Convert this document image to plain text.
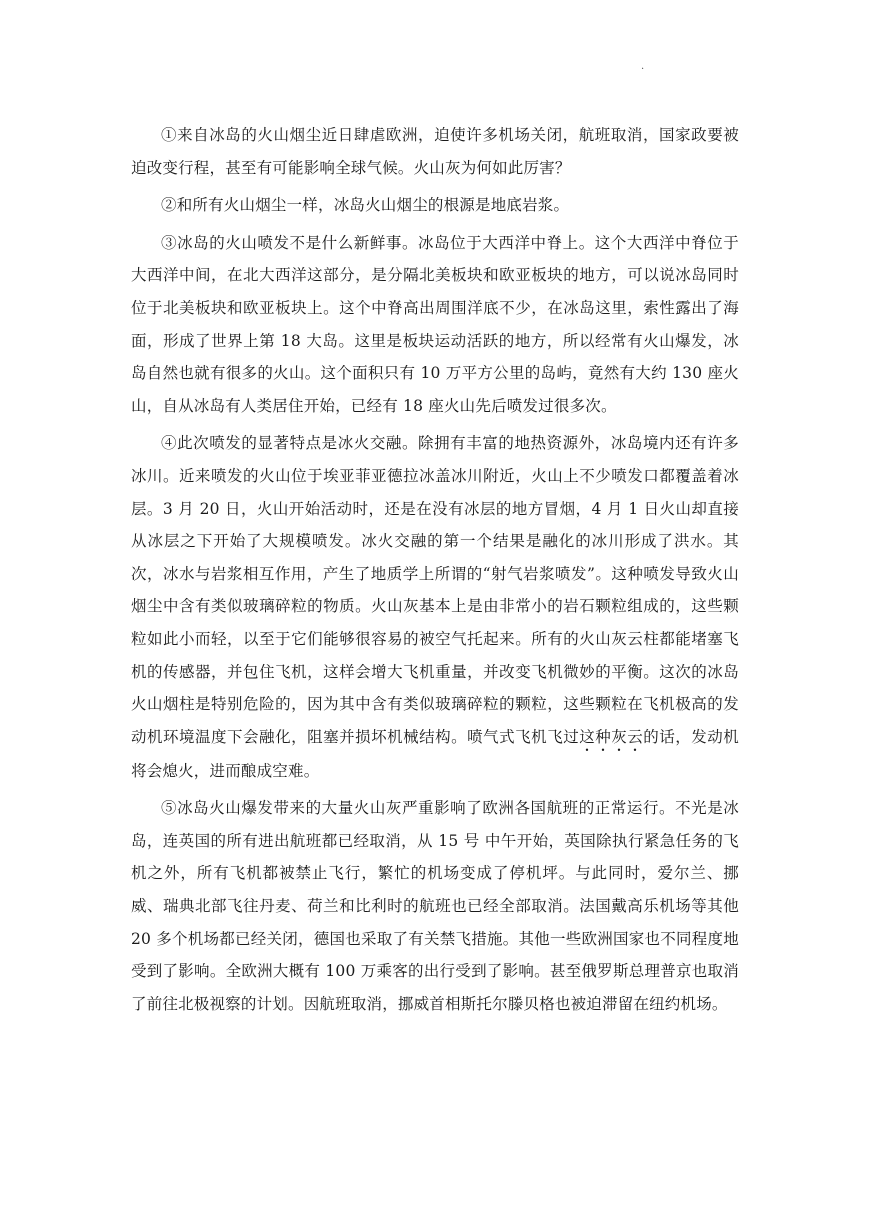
.

①来自冰岛的火山烟尘近日肆虐欧洲，迫使许多机场关闭，航班取消，国家政要被迫改变行程，甚至有可能影响全球气候。火山灰为何如此厉害？

②和所有火山烟尘一样，冰岛火山烟尘的根源是地底岩浆。

③冰岛的火山喷发不是什么新鲜事。冰岛位于大西洋中脊上。这个大西洋中脊位于大西洋中间，在北大西洋这部分，是分隔北美板块和欧亚板块的地方，可以说冰岛同时位于北美板块和欧亚板块上。这个中脊高出周围洋底不少，在冰岛这里，索性露出了海面，形成了世界上第 18 大岛。这里是板块运动活跃的地方，所以经常有火山爆发，冰岛自然也就有很多的火山。这个面积只有 10 万平方公里的岛屿，竟然有大约 130 座火山，自从冰岛有人类居住开始，已经有 18 座火山先后喷发过很多次。

④此次喷发的显著特点是冰火交融。除拥有丰富的地热资源外，冰岛境内还有许多冰川。近来喷发的火山位于埃亚菲亚德拉冰盖冰川附近，火山上不少喷发口都覆盖着冰层。3 月 20 日，火山开始活动时，还是在没有冰层的地方冒烟，4 月 1 日火山却直接从冰层之下开始了大规模喷发。冰火交融的第一个结果是融化的冰川形成了洪水。其次，冰水与岩浆相互作用，产生了地质学上所谓的“射气岩浆喷发”。这种喷发导致火山烟尘中含有类似玻璃碎粒的物质。火山灰基本上是由非常小的岩石颗粒组成的，这些颗粒如此小而轻，以至于它们能够很容易的被空气托起来。所有的火山灰云柱都能堵塞飞机的传感器，并包住飞机，这样会增大飞机重量，并改变飞机微妙的平衡。这次的冰岛火山烟柱是特别危险的，因为其中含有类似玻璃碎粒的颗粒，这些颗粒在飞机极高的发动机环境温度下会融化，阻塞并损坏机械结构。喷气式飞机飞过这种灰云的话，发动机将会熄火，进而酿成空难。

⑤冰岛火山爆发带来的大量火山灰严重影响了欧洲各国航班的正常运行。不光是冰岛，连英国的所有进出航班都已经取消，从 15 号 中午开始，英国除执行紧急任务的飞机之外，所有飞机都被禁止飞行，繁忙的机场变成了停机坪。与此同时，爱尔兰、挪威、瑞典北部飞往丹麦、荷兰和比利时的航班也已经全部取消。法国戴高乐机场等其他 20 多个机场都已经关闭，德国也采取了有关禁飞措施。其他一些欧洲国家也不同程度地受到了影响。全欧洲大概有 100 万乘客的出行受到了影响。甚至俄罗斯总理普京也取消了前往北极视察的计划。因航班取消，挪威首相斯托尔滕贝格也被迫滞留在纽约机场。
